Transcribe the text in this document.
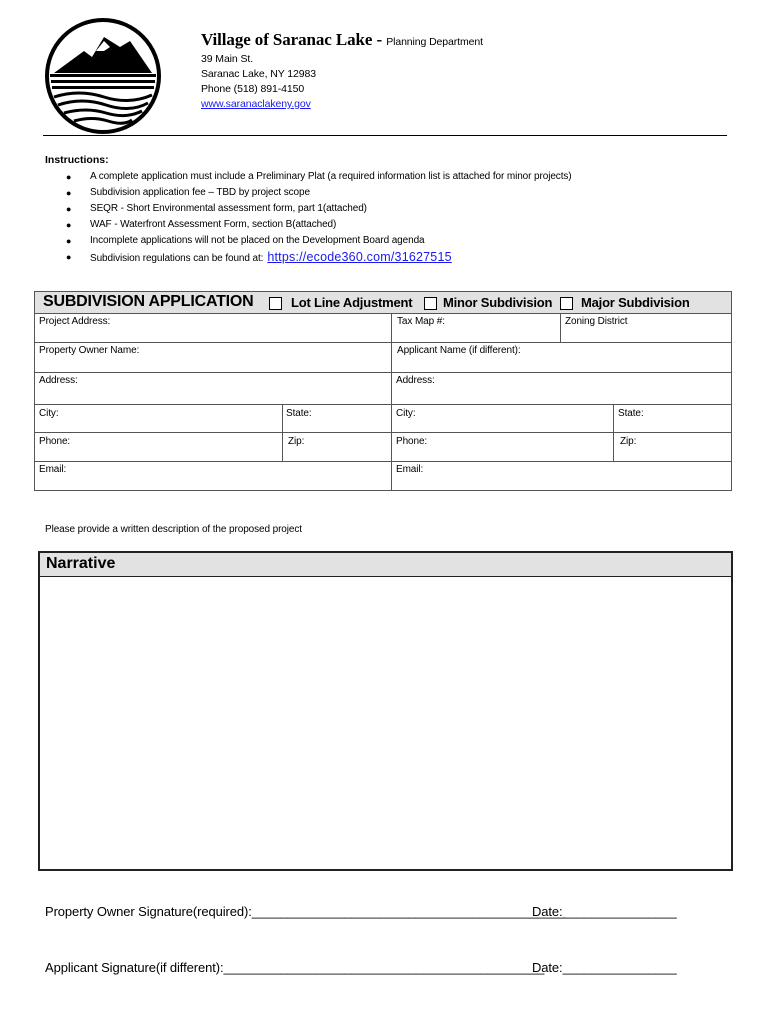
Village of Saranac Lake - Planning Department
39 Main St.
Saranac Lake, NY 12983
Phone (518) 891-4150
www.saranaclakeny.gov
Instructions:
● A complete application must include a Preliminary Plat (a required information list is attached for minor projects)
● Subdivision application fee – TBD by project scope
● SEQR - Short Environmental assessment form, part 1(attached)
● WAF - Waterfront Assessment Form, section B(attached)
● Incomplete applications will not be placed on the Development Board agenda
● Subdivision regulations can be found at: https://ecode360.com/31627515
SUBDIVISION APPLICATION	Lot Line Adjustment Minor Subdivision Major Subdivision
Project Address:	Tax Map #:	Zoning District
Property Owner Name:	Applicant Name (if different):
Address:	Address:
City:	State:	City:	State:
Phone:	Zip:	Phone:	Zip:
Email:	Email:
Please provide a written description of the proposed project
Narrative
Property Owner Signature(required):____________________________________________
Date:________________
Applicant Signature(if different):_____________________________________________
Date:________________
